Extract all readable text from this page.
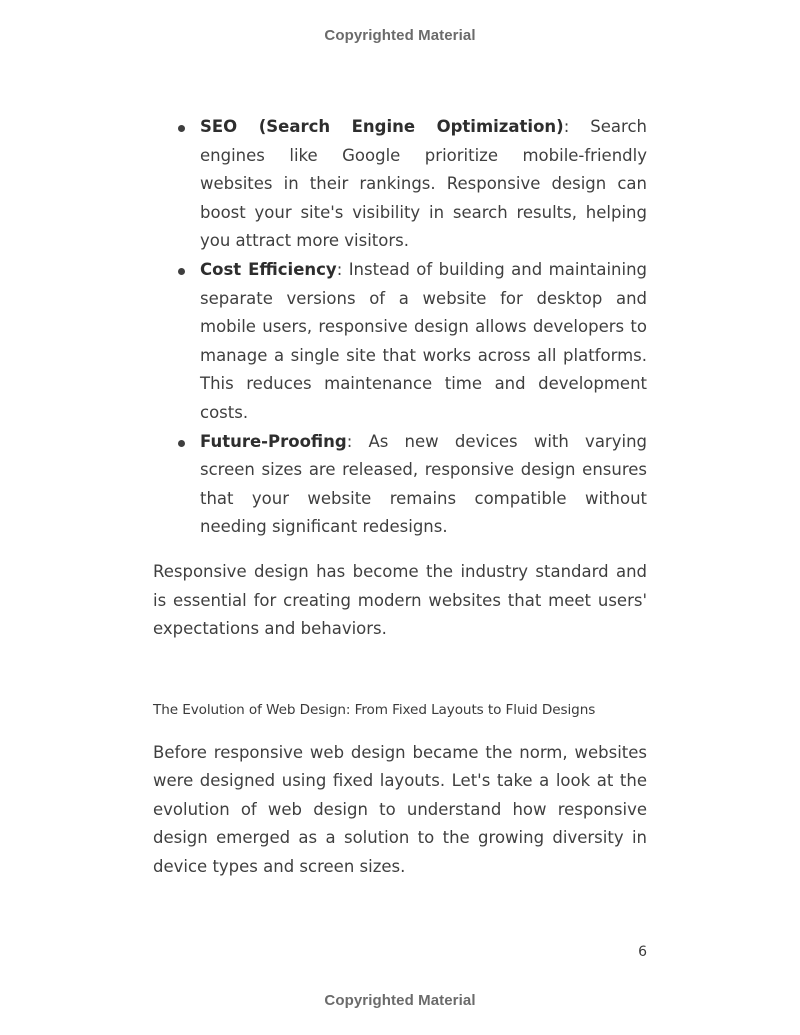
Copyrighted Material
SEO (Search Engine Optimization): Search engines like Google prioritize mobile-friendly websites in their rankings. Responsive design can boost your site's visibility in search results, helping you attract more visitors.
Cost Efficiency: Instead of building and maintaining separate versions of a website for desktop and mobile users, responsive design allows developers to manage a single site that works across all platforms. This reduces maintenance time and development costs.
Future-Proofing: As new devices with varying screen sizes are released, responsive design ensures that your website remains compatible without needing significant redesigns.

Responsive design has become the industry standard and is essential for creating modern websites that meet users' expectations and behaviors.

The Evolution of Web Design: From Fixed Layouts to Fluid Designs

Before responsive web design became the norm, websites were designed using fixed layouts. Let's take a look at the evolution of web design to understand how responsive design emerged as a solution to the growing diversity in device types and screen sizes.

6
Copyrighted Material
